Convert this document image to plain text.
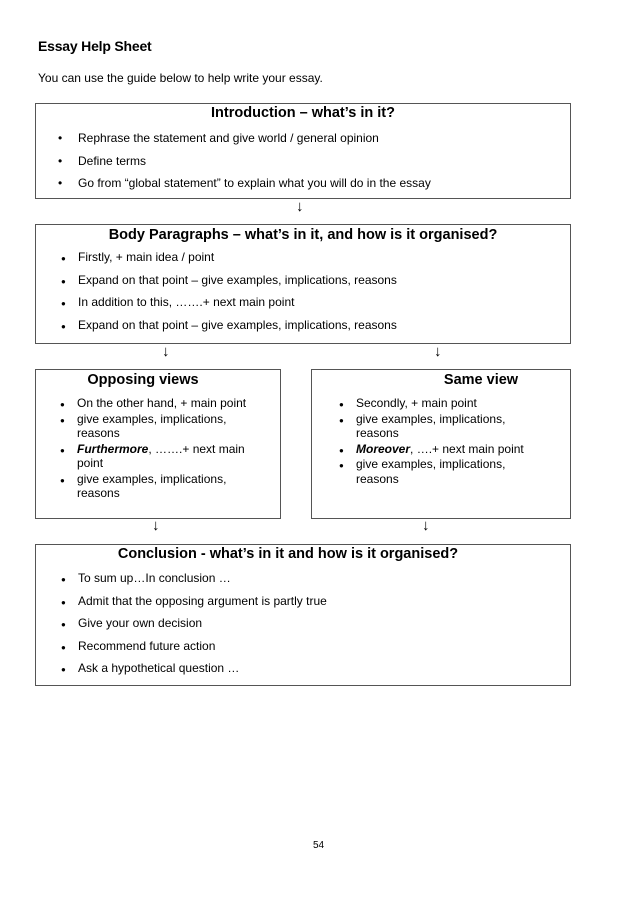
Essay Help Sheet
You can use the guide below to help write your essay.
Introduction – what’s in it?
• Rephrase the statement and give world / general opinion
• Define terms
• Go from “global statement” to explain what you will do in the essay
↓
Body Paragraphs – what’s in it, and how is it organised?
● Firstly, + main idea / point
● Expand on that point – give examples, implications, reasons
● In addition to this, …….+ next main point
● Expand on that point – give examples, implications, reasons
↓	↓
Opposing views
● On the other hand, + main point
● give examples, implications, reasons
● Furthermore, …….+ next main point
● give examples, implications, reasons
Same view
● Secondly, + main point
● give examples, implications, reasons
● Moreover, ….+ next main point
● give examples, implications, reasons
↓	↓
Conclusion - what’s in it and how is it organised?
● To sum up…In conclusion …
● Admit that the opposing argument is partly true
● Give your own decision
● Recommend future action
● Ask a hypothetical question …
54
